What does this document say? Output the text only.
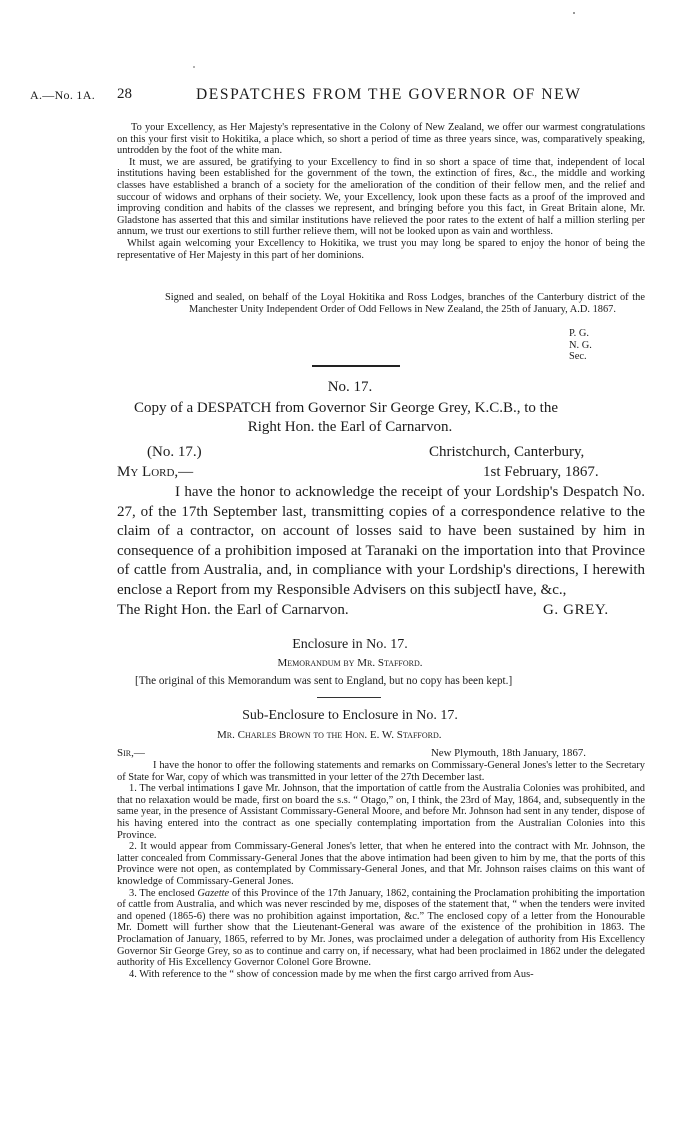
A.—No. 1A. 28	DESPATCHES FROM THE GOVERNOR OF NEW

To your Excellency, as Her Majesty's representative in the Colony of New Zealand, we offer our warmest congratulations on this your first visit to Hokitika, a place which, so short a period of time as three years since, was, comparatively speaking, untrodden by the foot of the white man.

It must, we are assured, be gratifying to your Excellency to find in so short a space of time that, independent of local institutions having been established for the government of the town, the extinction of fires, &c., the middle and working classes have established a branch of a society for the amelioration of the condition of their fellow men, and the relief and succour of widows and orphans of their society. We, your Excellency, look upon these facts as a proof of the improved and improving condition and habits of the classes we represent, and bringing before you this fact, in Great Britain alone, Mr. Gladstone has asserted that this and similar institutions have relieved the poor rates to the extent of half a million sterling per annum, we trust our exertions to still further relieve them, will not be looked upon as vain and worthless.

Whilst again welcoming your Excellency to Hokitika, we trust you may long be spared to enjoy the honor of being the representative of Her Majesty in this part of her dominions.

Signed and sealed, on behalf of the Loyal Hokitika and Ross Lodges, branches of the Canterbury district of the Manchester Unity Independent Order of Odd Fellows in New Zealand, the 25th of January, A.D. 1867.

P. G.
N. G.
Sec.
No. 17.
Copy of a DESPATCH from Governor Sir George Grey, K.C.B., to the
Right Hon. the Earl of Carnarvon.
(No. 17.)	Christchurch, Canterbury,
My Lord,—	1st February, 1867.
I have the honor to acknowledge the receipt of your Lordship's Despatch No. 27, of the 17th September last, transmitting copies of a correspondence relative to the claim of a contractor, on account of losses said to have been sustained by him in consequence of a prohibition imposed at Taranaki on the importation into that Province of cattle from Australia, and, in compliance with your Lordship's directions, I herewith enclose a Report from my Responsible Advisers on this subject.
I have, &c.,
The Right Hon. the Earl of Carnarvon.	G. GREY.
Enclosure in No. 17.
Memorandum by Mr. Stafford.
[The original of this Memorandum was sent to England, but no copy has been kept.]
Sub-Enclosure to Enclosure in No. 17.
Mr. Charles Brown to the Hon. E. W. Stafford.
Sir,—	New Plymouth, 18th January, 1867.

I have the honor to offer the following statements and remarks on Commissary-General Jones's letter to the Secretary of State for War, copy of which was transmitted in your letter of the 27th December last.

1. The verbal intimations I gave Mr. Johnson, that the importation of cattle from the Australia Colonies was prohibited, and that no relaxation would be made, first on board the s.s. “ Otago,” on, I think, the 23rd of May, 1864, and, subsequently in the same year, in the presence of Assistant Commissary-General Moore, and before Mr. Johnson had sent in any tender, dispose of his having entered into the contract as one specially contemplating importation from the Australian Colonies into this Province.

2. It would appear from Commissary-General Jones's letter, that when he entered into the contract with Mr. Johnson, the latter concealed from Commissary-General Jones that the above intimation had been given to him by me, that the ports of this Province were not open, as contemplated by Commissary-General Jones, and that Mr. Johnson raises claims on this want of knowledge of Commissary-General Jones.

3. The enclosed Gazette of this Province of the 17th January, 1862, containing the Proclamation prohibiting the importation of cattle from Australia, and which was never rescinded by me, disposes of the statement that, “ when the tenders were invited and opened (1865-6) there was no prohibition against importation, &c.” The enclosed copy of a letter from the Honourable Mr. Domett will further show that the Lieutenant-General was aware of the existence of the prohibition in 1863. The Proclamation of January, 1865, referred to by Mr. Jones, was proclaimed under a delegation of authority from His Excellency Governor Sir George Grey, so as to continue and carry on, if necessary, what had been proclaimed in 1862 under the delegated authority of His Excellency Governor Colonel Gore Browne.

4. With reference to the “ show of concession made by me when the first cargo arrived from Aus-
